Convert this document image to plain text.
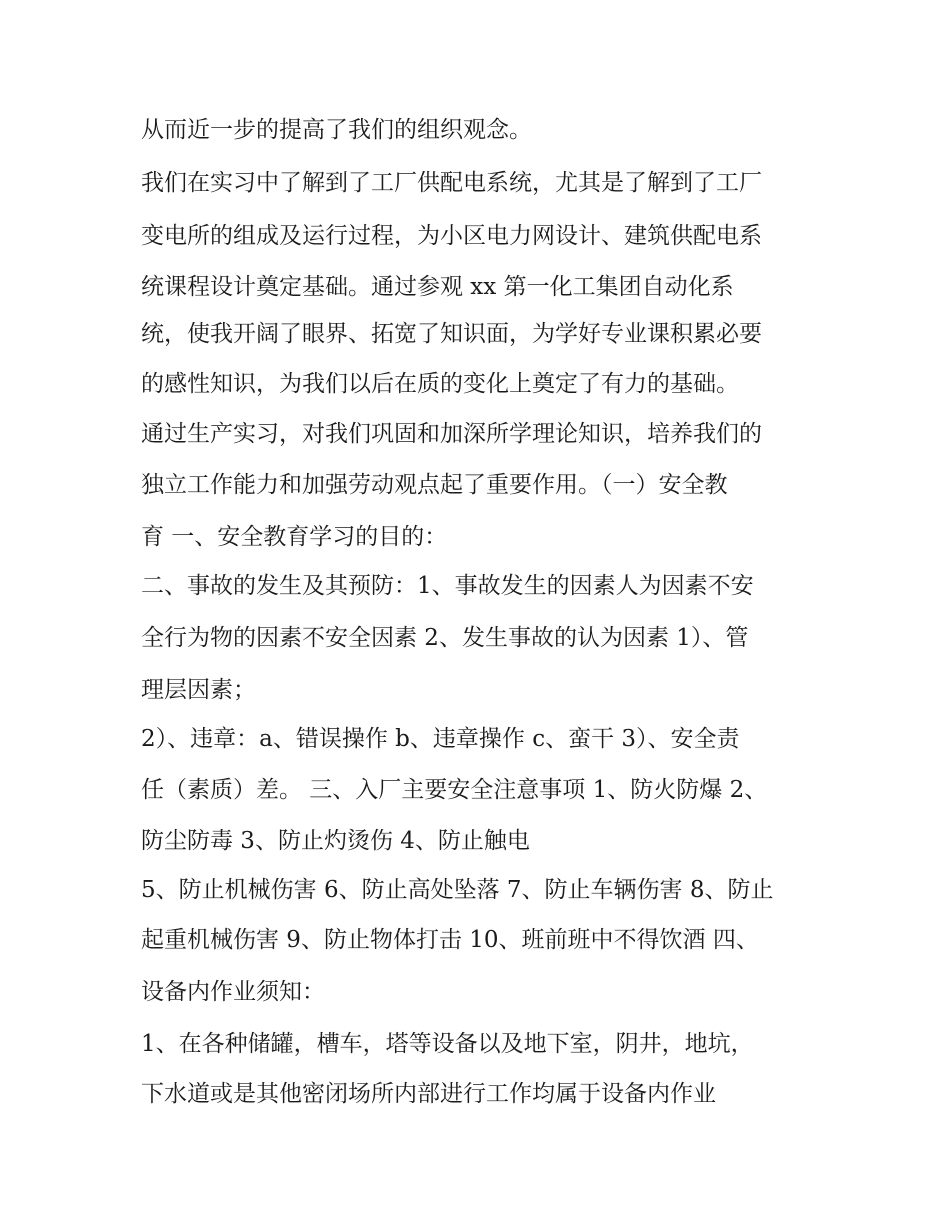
从而近一步的提高了我们的组织观念。
我们在实习中了解到了工厂供配电系统，尤其是了解到了工厂
变电所的组成及运行过程，为小区电力网设计、建筑供配电系
统课程设计奠定基础。通过参观 xx 第一化工集团自动化系
统，使我开阔了眼界、拓宽了知识面，为学好专业课积累必要
的感性知识，为我们以后在质的变化上奠定了有力的基础。
通过生产实习，对我们巩固和加深所学理论知识，培养我们的
独立工作能力和加强劳动观点起了重要作用。（一）安全教
育 一、安全教育学习的目的：
二、事故的发生及其预防：1、事故发生的因素人为因素不安
全行为物的因素不安全因素 2、发生事故的认为因素 1）、管
理层因素；
2）、违章：a、错误操作 b、违章操作 c、蛮干 3）、安全责
任（素质）差。 三、入厂主要安全注意事项 1、防火防爆 2、
防尘防毒 3、防止灼烫伤 4、防止触电
5、防止机械伤害 6、防止高处坠落 7、防止车辆伤害 8、防止
起重机械伤害 9、防止物体打击 10、班前班中不得饮酒 四、
设备内作业须知：
1、在各种储罐，槽车，塔等设备以及地下室，阴井，地坑，
下水道或是其他密闭场所内部进行工作均属于设备内作业
